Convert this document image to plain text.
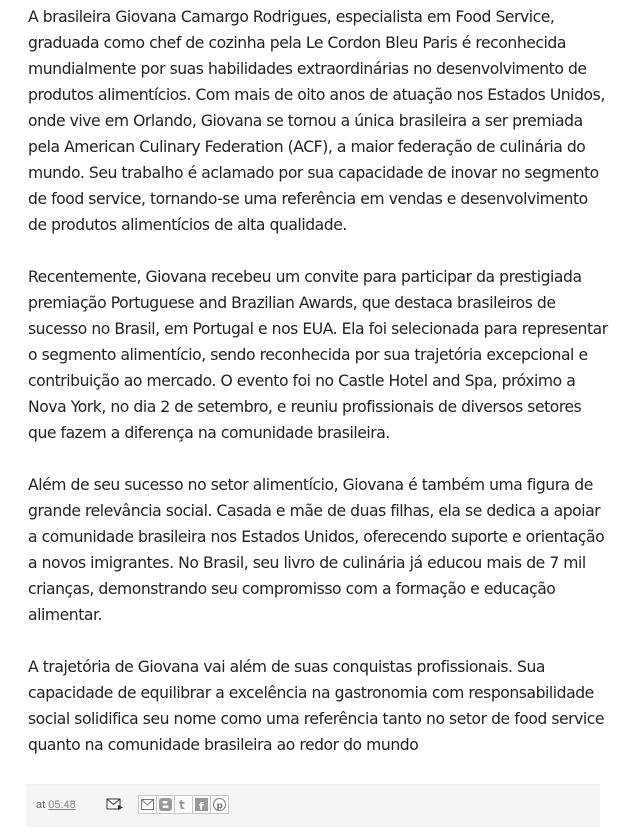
A brasileira Giovana Camargo Rodrigues, especialista em Food Service, graduada como chef de cozinha pela Le Cordon Bleu Paris é reconhecida mundialmente por suas habilidades extraordinárias no desenvolvimento de produtos alimentícios. Com mais de oito anos de atuação nos Estados Unidos, onde vive em Orlando, Giovana se tornou a única brasileira a ser premiada pela American Culinary Federation (ACF), a maior federação de culinária do mundo. Seu trabalho é aclamado por sua capacidade de inovar no segmento de food service, tornando-se uma referência em vendas e desenvolvimento de produtos alimentícios de alta qualidade.

Recentemente, Giovana recebeu um convite para participar da prestigiada premiação Portuguese and Brazilian Awards, que destaca brasileiros de sucesso no Brasil, em Portugal e nos EUA. Ela foi selecionada para representar o segmento alimentício, sendo reconhecida por sua trajetória excepcional e contribuição ao mercado. O evento foi no Castle Hotel and Spa, próximo a Nova York, no dia 2 de setembro, e reuniu profissionais de diversos setores que fazem a diferença na comunidade brasileira.

Além de seu sucesso no setor alimentício, Giovana é também uma figura de grande relevância social. Casada e mãe de duas filhas, ela se dedica a apoiar a comunidade brasileira nos Estados Unidos, oferecendo suporte e orientação a novos imigrantes. No Brasil, seu livro de culinária já educou mais de 7 mil crianças, demonstrando seu compromisso com a formação e educação alimentar.

A trajetória de Giovana vai além de suas conquistas profissionais. Sua capacidade de equilibrar a excelência na gastronomia com responsabilidade social solidifica seu nome como uma referência tanto no setor de food service quanto na comunidade brasileira ao redor do mundo

at 05:48	t f p
